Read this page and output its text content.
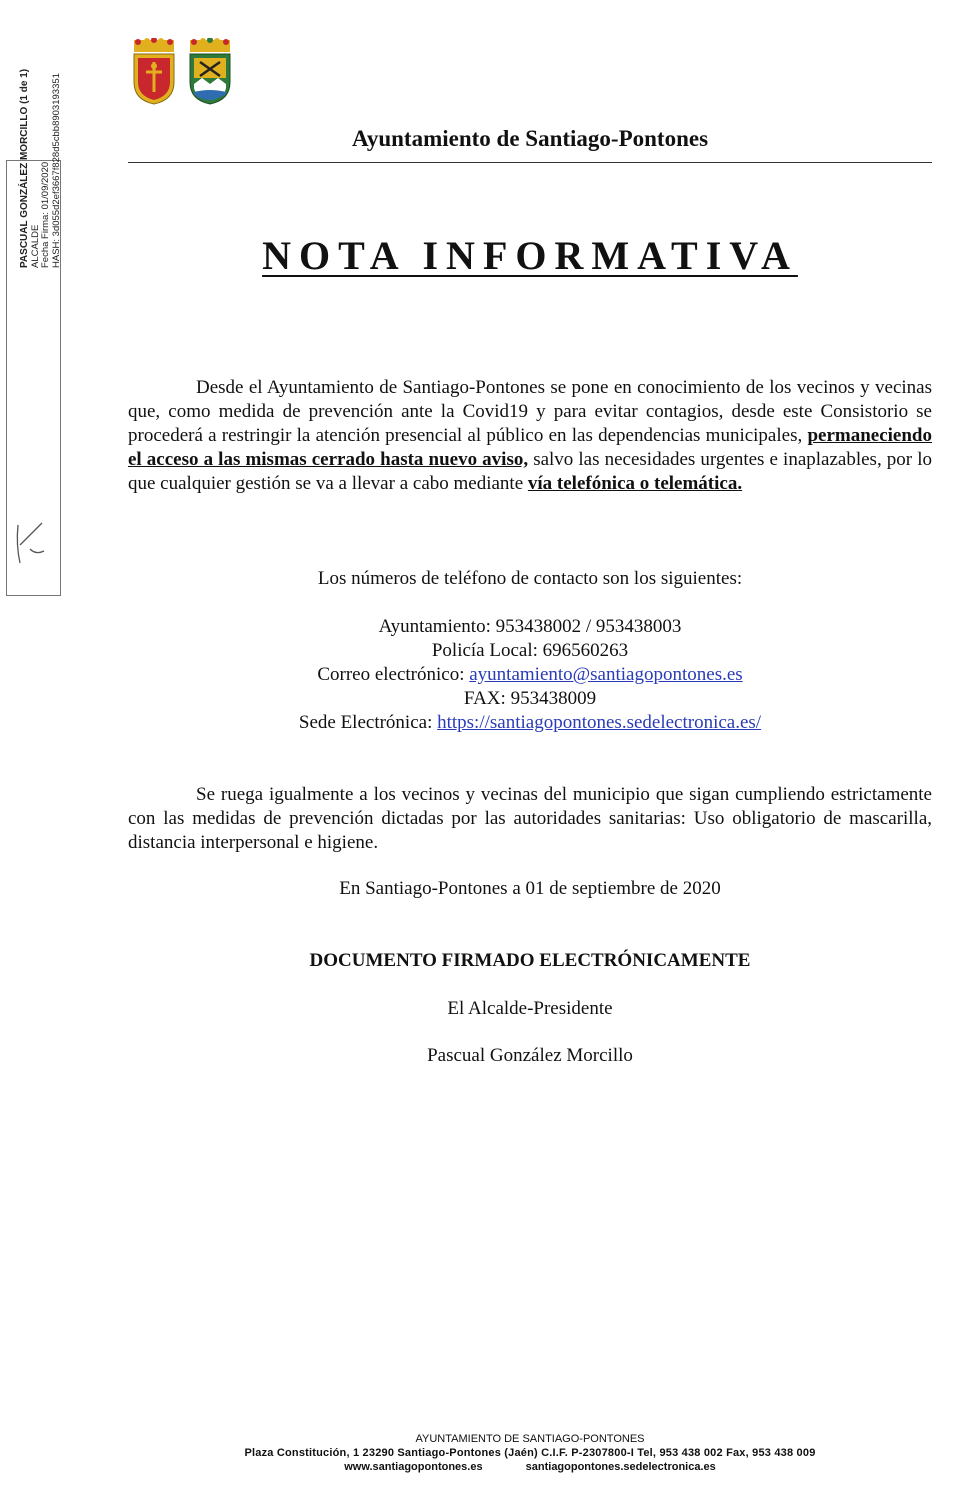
Ayuntamiento de Santiago-Pontones
PASCUAL GONZÁLEZ MORCILLO (1 de 1) ALCALDE Fecha Firma: 01/09/2020 HASH: 3d055d2ef3667f828d5cbb8903193351	NOTA INFORMATIVA

Desde el Ayuntamiento de Santiago-Pontones se pone en conocimiento de los vecinos y vecinas que, como medida de prevención ante la Covid19 y para evitar contagios, desde este Consistorio se procederá a restringir la atención presencial al público en las dependencias municipales, permaneciendo el acceso a las mismas cerrado hasta nuevo aviso, salvo las necesidades urgentes e inaplazables, por lo que cualquier gestión se va a llevar a cabo mediante vía telefónica o telemática.

Los números de teléfono de contacto son los siguientes:
Ayuntamiento: 953438002 / 953438003
Policía Local: 696560263
Correo electrónico: ayuntamiento@santiagopontones.es
FAX: 953438009
Sede Electrónica: https://santiagopontones.sedelectronica.es/

Se ruega igualmente a los vecinos y vecinas del municipio que sigan cumpliendo estrictamente con las medidas de prevención dictadas por las autoridades sanitarias: Uso obligatorio de mascarilla, distancia interpersonal e higiene.

En Santiago-Pontones a 01 de septiembre de 2020
DOCUMENTO FIRMADO ELECTRÓNICAMENTE
El Alcalde-Presidente
Pascual González Morcillo
AYUNTAMIENTO DE SANTIAGO-PONTONES
Plaza Constitución, 1 23290 Santiago-Pontones (Jaén) C.I.F. P-2307800-I Tel, 953 438 002 Fax, 953 438 009
www.santiagopontones.es	santiagopontones.sedelectronica.es
